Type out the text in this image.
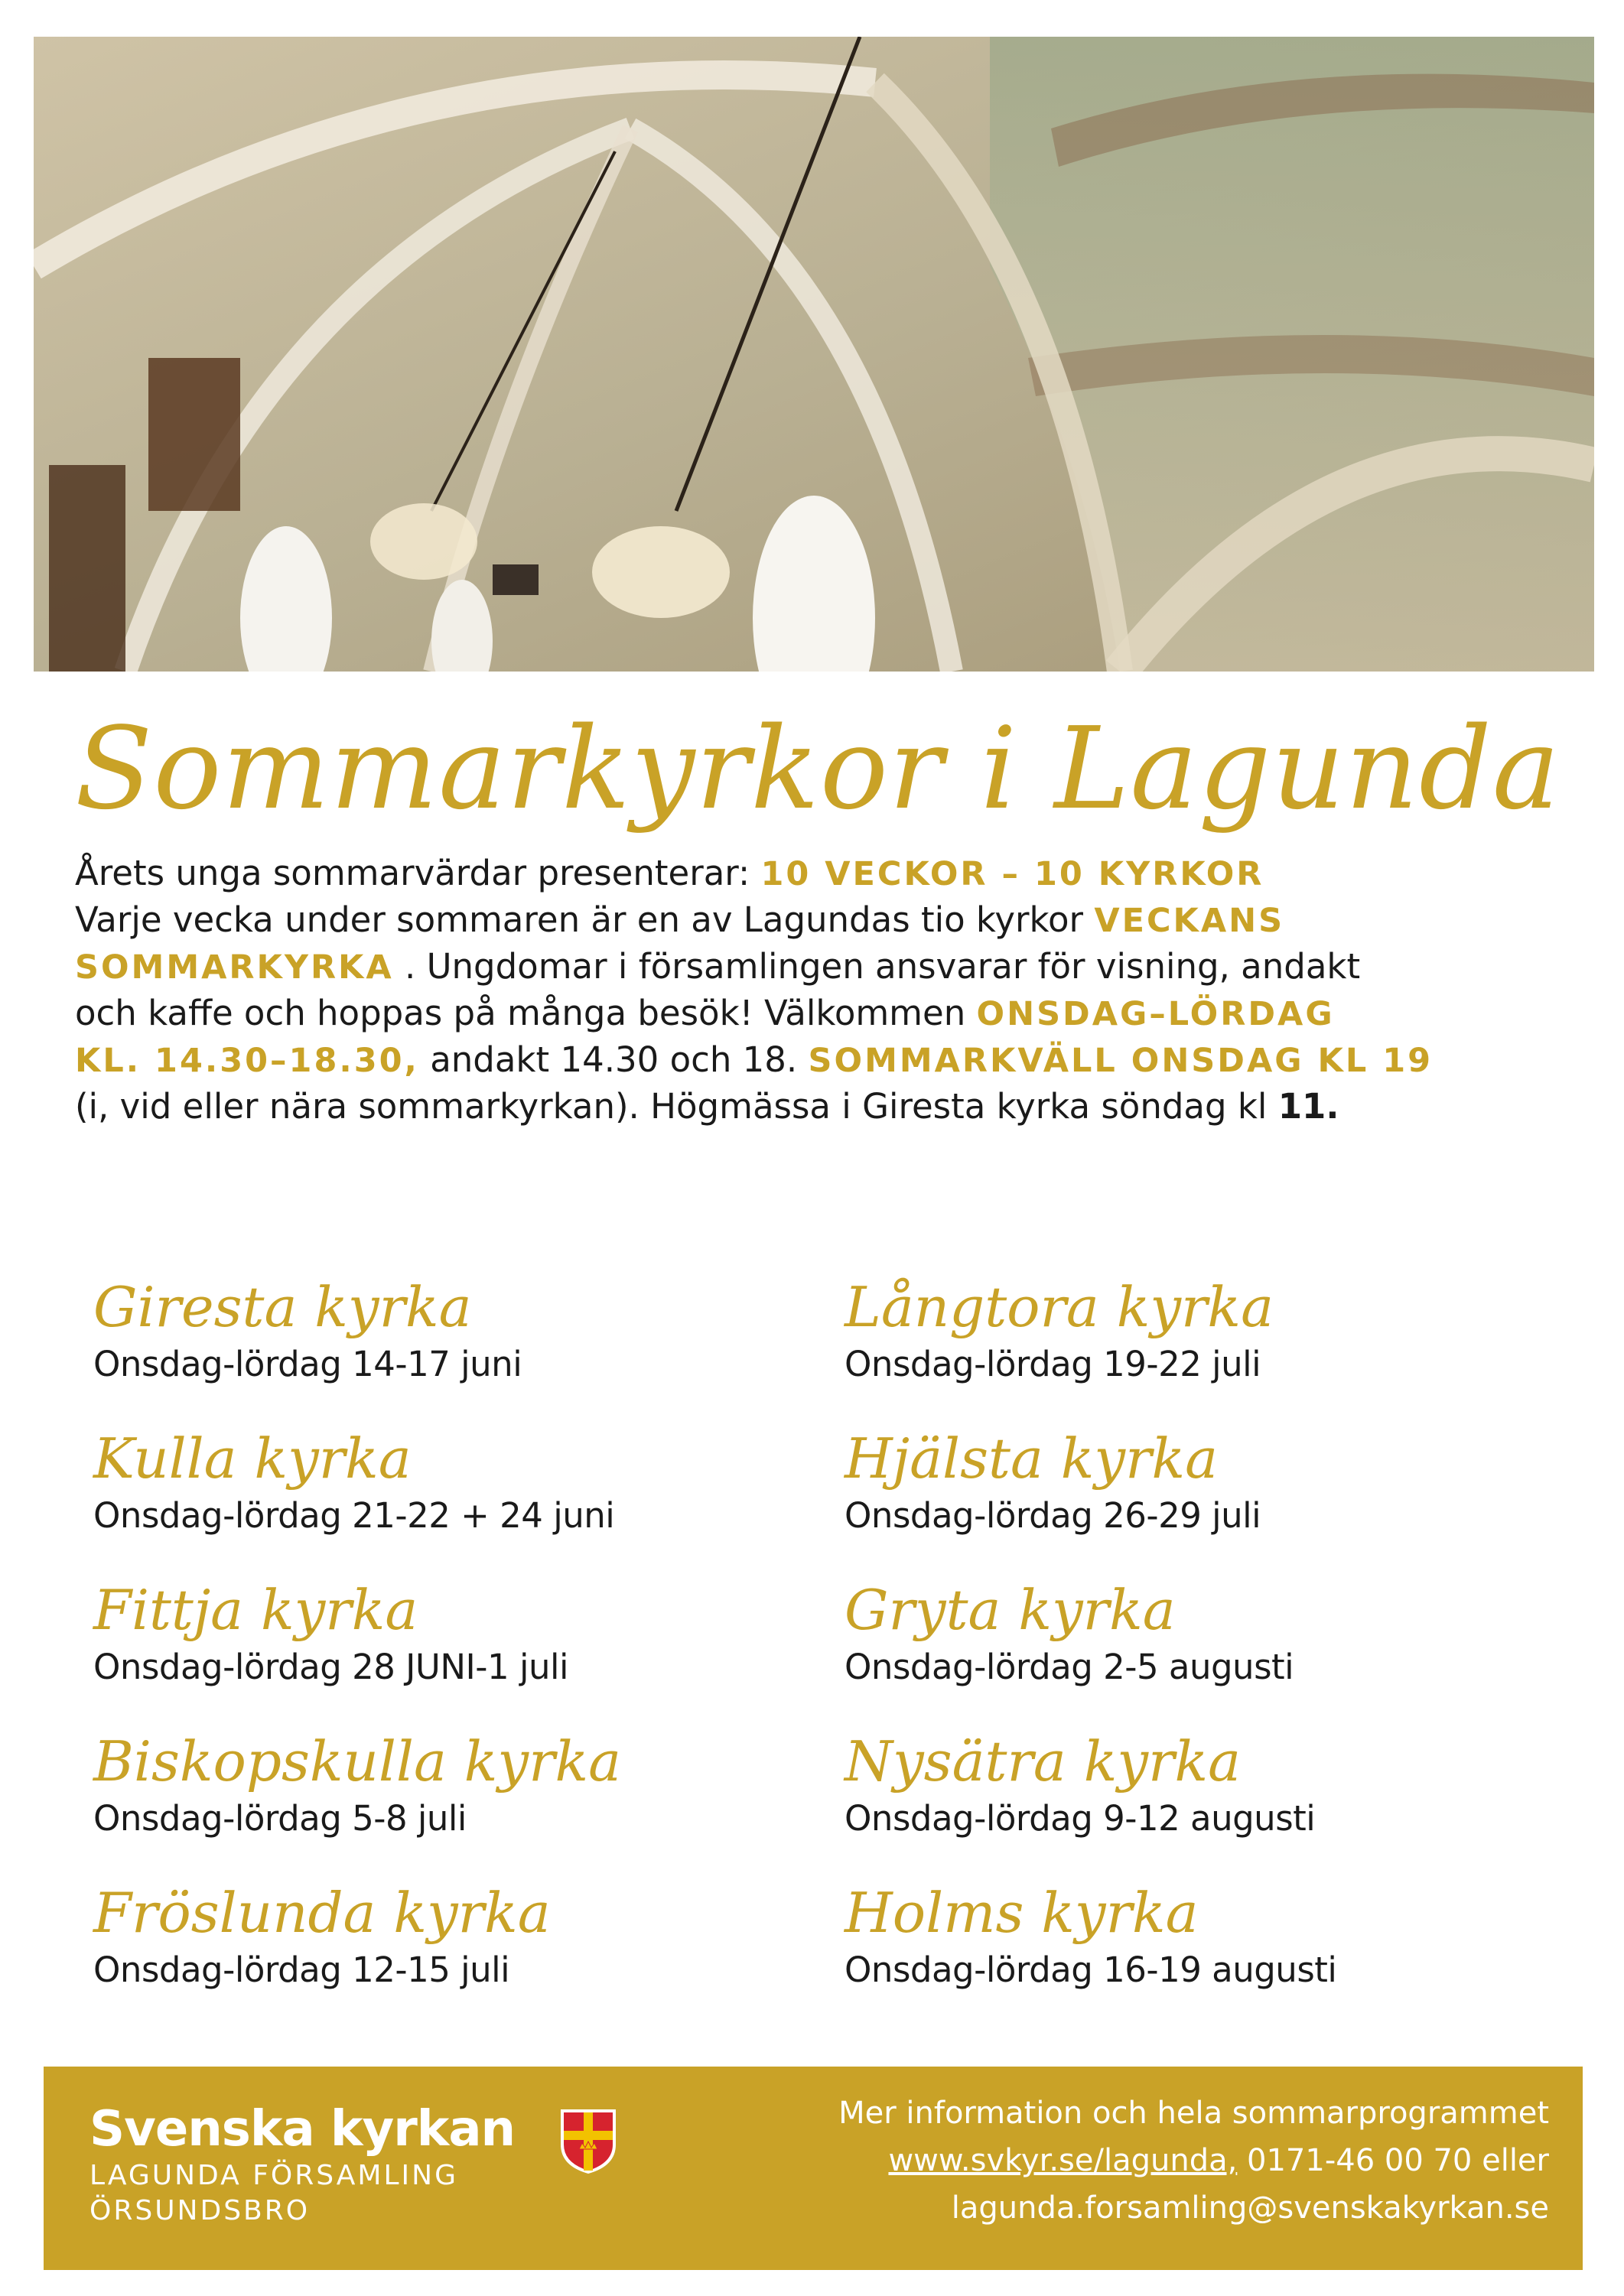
Sommarkyrkor i Lagunda

Årets unga sommarvärdar presenterar: 10 VECKOR – 10 KYRKOR

Varje vecka under sommaren är en av Lagundas tio kyrkor VECKANS

SOMMARKYRKA . Ungdomar i församlingen ansvarar för visning, andakt

och kaffe och hoppas på många besök! Välkommen ONSDAG–LÖRDAG

KL. 14.30–18.30, andakt 14.30 och 18. SOMMARKVÄLL ONSDAG KL 19

(i, vid eller nära sommarkyrkan). Högmässa i Giresta kyrka söndag kl 11.

Giresta kyrka
Onsdag-lördag 14-17 juni
Kulla kyrka
Onsdag-lördag 21-22 + 24 juni
Fittja kyrka
Onsdag-lördag 28 JUNI-1 juli
Biskopskulla kyrka
Onsdag-lördag 5-8 juli
Fröslunda kyrka
Onsdag-lördag 12-15 juli
Långtora kyrka
Onsdag-lördag 19-22 juli
Hjälsta kyrka
Onsdag-lördag 26-29 juli
Gryta kyrka
Onsdag-lördag 2-5 augusti
Nysätra kyrka
Onsdag-lördag 9-12 augusti
Holms kyrka
Onsdag-lördag 16-19 augusti
Svenska kyrkan
LAGUNDA FÖRSAMLING
ÖRSUNDSBRO
Mer information och hela sommarprogrammet
www.svkyr.se/lagunda, 0171-46 00 70 eller
lagunda.forsamling@svenskakyrkan.se
